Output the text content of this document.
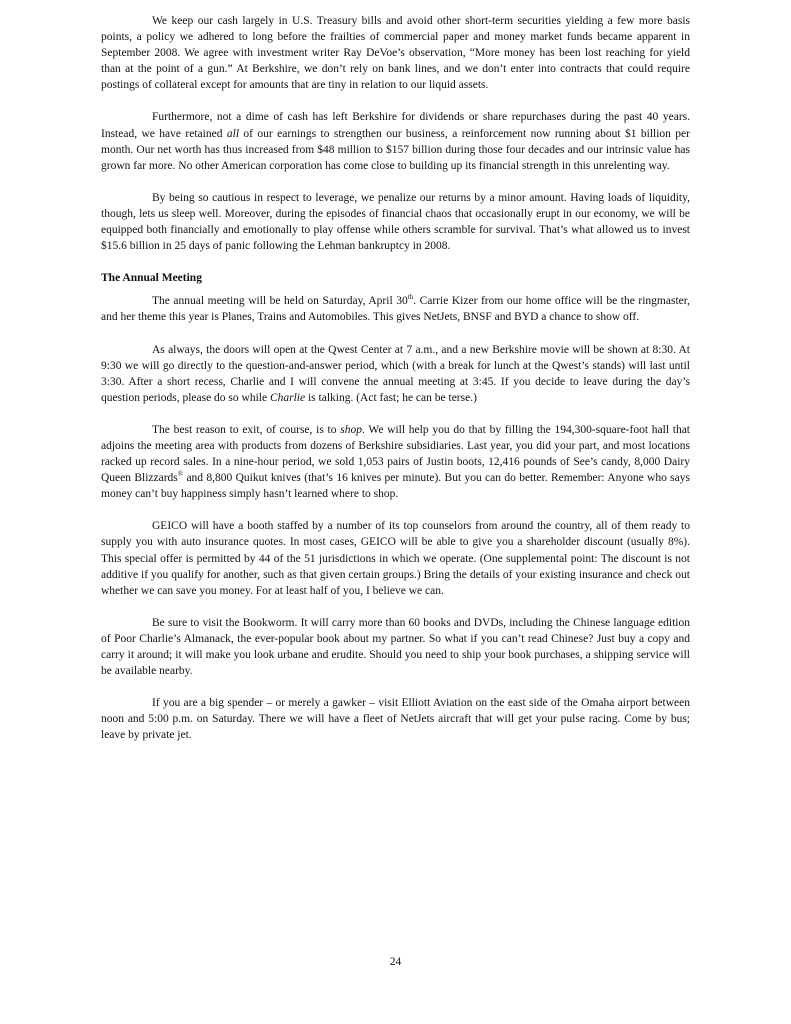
We keep our cash largely in U.S. Treasury bills and avoid other short-term securities yielding a few more basis points, a policy we adhered to long before the frailties of commercial paper and money market funds became apparent in September 2008. We agree with investment writer Ray DeVoe’s observation, “More money has been lost reaching for yield than at the point of a gun.” At Berkshire, we don’t rely on bank lines, and we don’t enter into contracts that could require postings of collateral except for amounts that are tiny in relation to our liquid assets.

Furthermore, not a dime of cash has left Berkshire for dividends or share repurchases during the past 40 years. Instead, we have retained all of our earnings to strengthen our business, a reinforcement now running about $1 billion per month. Our net worth has thus increased from $48 million to $157 billion during those four decades and our intrinsic value has grown far more. No other American corporation has come close to building up its financial strength in this unrelenting way.

By being so cautious in respect to leverage, we penalize our returns by a minor amount. Having loads of liquidity, though, lets us sleep well. Moreover, during the episodes of financial chaos that occasionally erupt in our economy, we will be equipped both financially and emotionally to play offense while others scramble for survival. That’s what allowed us to invest $15.6 billion in 25 days of panic following the Lehman bankruptcy in 2008.

The Annual Meeting

The annual meeting will be held on Saturday, April 30th. Carrie Kizer from our home office will be the ringmaster, and her theme this year is Planes, Trains and Automobiles. This gives NetJets, BNSF and BYD a chance to show off.

As always, the doors will open at the Qwest Center at 7 a.m., and a new Berkshire movie will be shown at 8:30. At 9:30 we will go directly to the question-and-answer period, which (with a break for lunch at the Qwest’s stands) will last until 3:30. After a short recess, Charlie and I will convene the annual meeting at 3:45. If you decide to leave during the day’s question periods, please do so while Charlie is talking. (Act fast; he can be terse.)

The best reason to exit, of course, is to shop. We will help you do that by filling the 194,300-square-foot hall that adjoins the meeting area with products from dozens of Berkshire subsidiaries. Last year, you did your part, and most locations racked up record sales. In a nine-hour period, we sold 1,053 pairs of Justin boots, 12,416 pounds of See’s candy, 8,000 Dairy Queen Blizzards® and 8,800 Quikut knives (that’s 16 knives per minute). But you can do better. Remember: Anyone who says money can’t buy happiness simply hasn’t learned where to shop.

GEICO will have a booth staffed by a number of its top counselors from around the country, all of them ready to supply you with auto insurance quotes. In most cases, GEICO will be able to give you a shareholder discount (usually 8%). This special offer is permitted by 44 of the 51 jurisdictions in which we operate. (One supplemental point: The discount is not additive if you qualify for another, such as that given certain groups.) Bring the details of your existing insurance and check out whether we can save you money. For at least half of you, I believe we can.

Be sure to visit the Bookworm. It will carry more than 60 books and DVDs, including the Chinese language edition of Poor Charlie’s Almanack, the ever-popular book about my partner. So what if you can’t read Chinese? Just buy a copy and carry it around; it will make you look urbane and erudite. Should you need to ship your book purchases, a shipping service will be available nearby.

If you are a big spender – or merely a gawker – visit Elliott Aviation on the east side of the Omaha airport between noon and 5:00 p.m. on Saturday. There we will have a fleet of NetJets aircraft that will get your pulse racing. Come by bus; leave by private jet.

24
